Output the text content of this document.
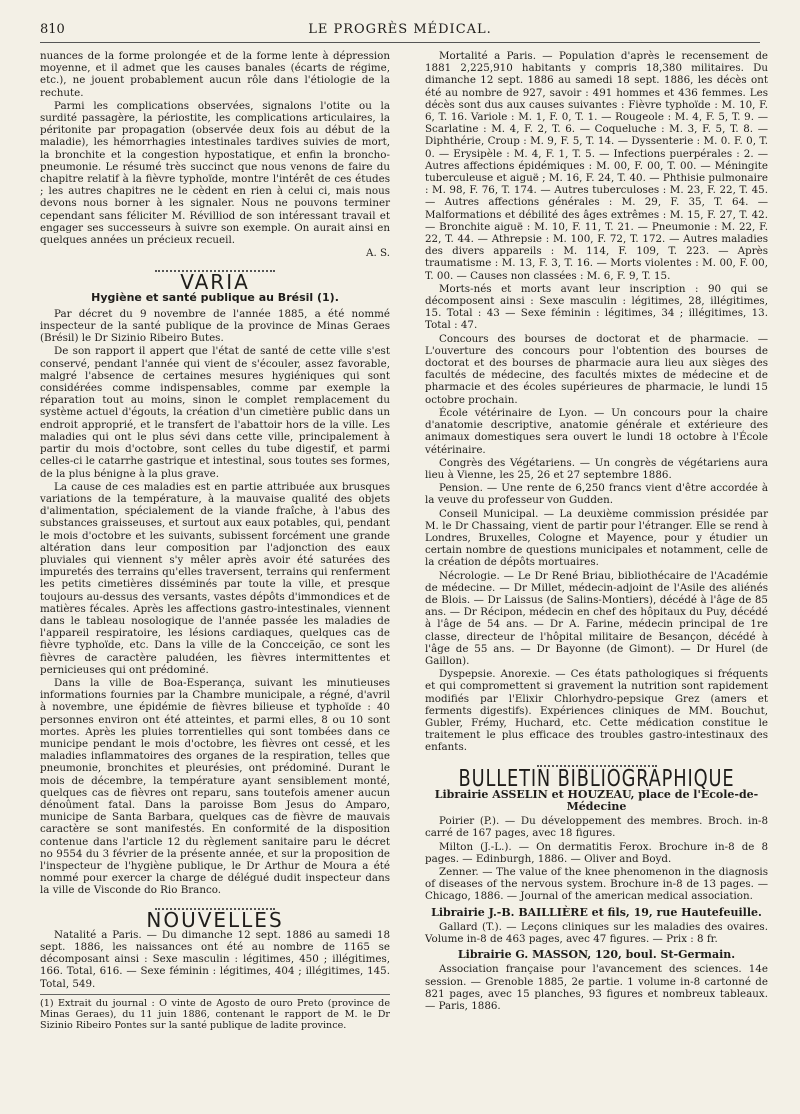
810	LE PROGRÈS MÉDICAL.

nuances de la forme prolongée et de la forme lente à dépression moyenne, et il admet que les causes banales (écarts de régime, etc.), ne jouent probablement aucun rôle dans l'étiologie de la rechute.

Parmi les complications observées, signalons l'otite ou la surdité passagère, la périostite, les complications articulaires, la péritonite par propagation (observée deux fois au début de la maladie), les hémorrhagies intestinales tardives suivies de mort, la bronchite et la congestion hypostatique, et enfin la broncho-pneumonie. Le résumé très succinct que nous venons de faire du chapitre relatif à la fièvre typhoïde, montre l'intérêt de ces études ; les autres chapitres ne le cèdent en rien à celui ci, mais nous devons nous borner à les signaler. Nous ne pouvons terminer cependant sans féliciter M. Révilliod de son intéressant travail et engager ses successeurs à suivre son exemple. On aurait ainsi en quelques années un précieux recueil.

A. S.
VARIA
Hygiène et santé publique au Brésil (1).

Par décret du 9 novembre de l'année 1885, a été nommé inspecteur de la santé publique de la province de Minas Geraes (Brésil) le Dr Sizinio Ribeiro Butes.

De son rapport il appert que l'état de santé de cette ville s'est conservé, pendant l'année qui vient de s'écouler, assez favorable, malgré l'absence de certaines mesures hygiéniques qui sont considérées comme indispensables, comme par exemple la réparation tout au moins, sinon le complet remplacement du système actuel d'égouts, la création d'un cimetière public dans un endroit approprié, et le transfert de l'abattoir hors de la ville. Les maladies qui ont le plus sévi dans cette ville, principalement à partir du mois d'octobre, sont celles du tube digestif, et parmi celles-ci le catarrhe gastrique et intestinal, sous toutes ses formes, de la plus bénigne à la plus grave.

La cause de ces maladies est en partie attribuée aux brusques variations de la température, à la mauvaise qualité des objets d'alimentation, spécialement de la viande fraîche, à l'abus des substances graisseuses, et surtout aux eaux potables, qui, pendant le mois d'octobre et les suivants, subissent forcément une grande altération dans leur composition par l'adjonction des eaux pluviales qui viennent s'y mêler après avoir été saturées des impuretés des terrains qu'elles traversent, terrains qui renferment les petits cimetières disséminés par toute la ville, et presque toujours au-dessus des versants, vastes dépôts d'immondices et de matières fécales. Après les affections gastro-intestinales, viennent dans le tableau nosologique de l'année passée les maladies de l'appareil respiratoire, les lésions cardiaques, quelques cas de fièvre typhoïde, etc. Dans la ville de la Concceição, ce sont les fièvres de caractère paludéen, les fièvres intermittentes et pernicieuses qui ont prédominé.

Dans la ville de Boa-Esperança, suivant les minutieuses informations fournies par la Chambre municipale, a régné, d'avril à novembre, une épidémie de fièvres bilieuse et typhoïde : 40 personnes environ ont été atteintes, et parmi elles, 8 ou 10 sont mortes. Après les pluies torrentielles qui sont tombées dans ce municipe pendant le mois d'octobre, les fièvres ont cessé, et les maladies inflammatoires des organes de la respiration, telles que pneumonie, bronchites et pleurésies, ont prédominé. Durant le mois de décembre, la température ayant sensiblement monté, quelques cas de fièvres ont reparu, sans toutefois amener aucun dénoûment fatal. Dans la paroisse Bom Jesus do Amparo, municipe de Santa Barbara, quelques cas de fièvre de mauvais caractère se sont manifestés. En conformité de la disposition contenue dans l'article 12 du règlement sanitaire paru le décret no 9554 du 3 février de la présente année, et sur la proposition de l'inspecteur de l'hygiène publique, le Dr Arthur de Moura a été nommé pour exercer la charge de délégué dudit inspecteur dans la ville de Visconde do Rio Branco.

NOUVELLES

Natalité a Paris. — Du dimanche 12 sept. 1886 au samedi 18 sept. 1886, les naissances ont été au nombre de 1165 se décomposant ainsi : Sexe masculin : légitimes, 450 ; illégitimes, 166. Total, 616. — Sexe féminin : légitimes, 404 ; illégitimes, 145. Total, 549.

(1) Extrait du journal : O vinte de Agosto de ouro Preto (province de Minas Geraes), du 11 juin 1886, contenant le rapport de M. le Dr Sizinio Ribeiro Pontes sur la santé publique de ladite province.

Mortalité a Paris. — Population d'après le recensement de 1881 2,225,910 habitants y compris 18,380 militaires. Du dimanche 12 sept. 1886 au samedi 18 sept. 1886, les décès ont été au nombre de 927, savoir : 491 hommes et 436 femmes. Les décès sont dus aux causes suivantes : Fièvre typhoïde : M. 10, F. 6, T. 16. Variole : M. 1, F. 0, T. 1. — Rougeole : M. 4, F. 5, T. 9. — Scarlatine : M. 4, F. 2, T. 6. — Coqueluche : M. 3, F. 5, T. 8. — Diphthérie, Croup : M. 9, F. 5, T. 14. — Dyssenterie : M. 0. F. 0, T. 0. — Erysipèle : M. 4, F. 1, T. 5. — Infections puerpérales : 2. — Autres affections épidémiques : M. 00, F. 00, T. 00. — Méningite tuberculeuse et aiguë ; M. 16, F. 24, T. 40. — Phthisie pulmonaire : M. 98, F. 76, T. 174. — Autres tuberculoses : M. 23, F. 22, T. 45. — Autres affections générales : M. 29, F. 35, T. 64. — Malformations et débilité des âges extrêmes : M. 15, F. 27, T. 42. — Bronchite aiguë : M. 10, F. 11, T. 21. — Pneumonie : M. 22, F. 22, T. 44. — Athrepsie : M. 100, F. 72, T. 172. — Autres maladies des divers appareils : M. 114, F. 109, T. 223. — Après traumatisme : M. 13, F. 3, T. 16. — Morts violentes : M. 00, F. 00, T. 00. — Causes non classées : M. 6, F. 9, T. 15.

Morts-nés et morts avant leur inscription : 90 qui se décomposent ainsi : Sexe masculin : légitimes, 28, illégitimes, 15. Total : 43 — Sexe féminin : légitimes, 34 ; illégitimes, 13. Total : 47.

Concours des bourses de doctorat et de pharmacie. — L'ouverture des concours pour l'obtention des bourses de doctorat et des bourses de pharmacie aura lieu aux sièges des facultés de médecine, des facultés mixtes de médecine et de pharmacie et des écoles supérieures de pharmacie, le lundi 15 octobre prochain.

École vétérinaire de Lyon. — Un concours pour la chaire d'anatomie descriptive, anatomie générale et extérieure des animaux domestiques sera ouvert le lundi 18 octobre à l'École vétérinaire.

Congrès des Végétariens. — Un congrès de végétariens aura lieu à Vienne, les 25, 26 et 27 septembre 1886.

Pension. — Une rente de 6,250 francs vient d'être accordée à la veuve du professeur von Gudden.

Conseil Municipal. — La deuxième commission présidée par M. le Dr Chassaing, vient de partir pour l'étranger. Elle se rend à Londres, Bruxelles, Cologne et Mayence, pour y étudier un certain nombre de questions municipales et notamment, celle de la création de dépôts mortuaires.

Nécrologie. — Le Dr René Briau, bibliothécaire de l'Académie de médecine. — Dr Millet, médecin-adjoint de l'Asile des aliénés de Blois. — Dr Laissus (de Salins-Montiers), décédé à l'âge de 85 ans. — Dr Récipon, médecin en chef des hôpitaux du Puy, décédé à l'âge de 54 ans. — Dr A. Farine, médecin principal de 1re classe, directeur de l'hôpital militaire de Besançon, décédé à l'âge de 55 ans. — Dr Bayonne (de Gimont). — Dr Hurel (de Gaillon).

Dyspepsie. Anorexie. — Ces états pathologiques si fréquents et qui compromettent si gravement la nutrition sont rapidement modifiés par l'Elixir Chlorhydro-pepsique Grez (amers et ferments digestifs). Expériences cliniques de MM. Bouchut, Gubler, Frémy, Huchard, etc. Cette médication constitue le traitement le plus efficace des troubles gastro-intestinaux des enfants.

BULLETIN BIBLIOGRAPHIQUE
Librairie ASSELIN et HOUZEAU, place de l'Ecole-de-Médecine

Poirier (P.). — Du développement des membres. Broch. in-8 carré de 167 pages, avec 18 figures.

Milton (J.-L.). — On dermatitis Ferox. Brochure in-8 de 8 pages. — Edinburgh, 1886. — Oliver and Boyd.

Zenner. — The value of the knee phenomenon in the diagnosis of diseases of the nervous system. Brochure in-8 de 13 pages. — Chicago, 1886. — Journal of the american medical association.

Librairie J.-B. BAILLIÈRE et fils, 19, rue Hautefeuille.

Gallard (T.). — Leçons cliniques sur les maladies des ovaires. Volume in-8 de 463 pages, avec 47 figures. — Prix : 8 fr.

Librairie G. MASSON, 120, boul. St-Germain.

Association française pour l'avancement des sciences. 14e session. — Grenoble 1885, 2e partie. 1 volume in-8 cartonné de 821 pages, avec 15 planches, 93 figures et nombreux tableaux. — Paris, 1886.
